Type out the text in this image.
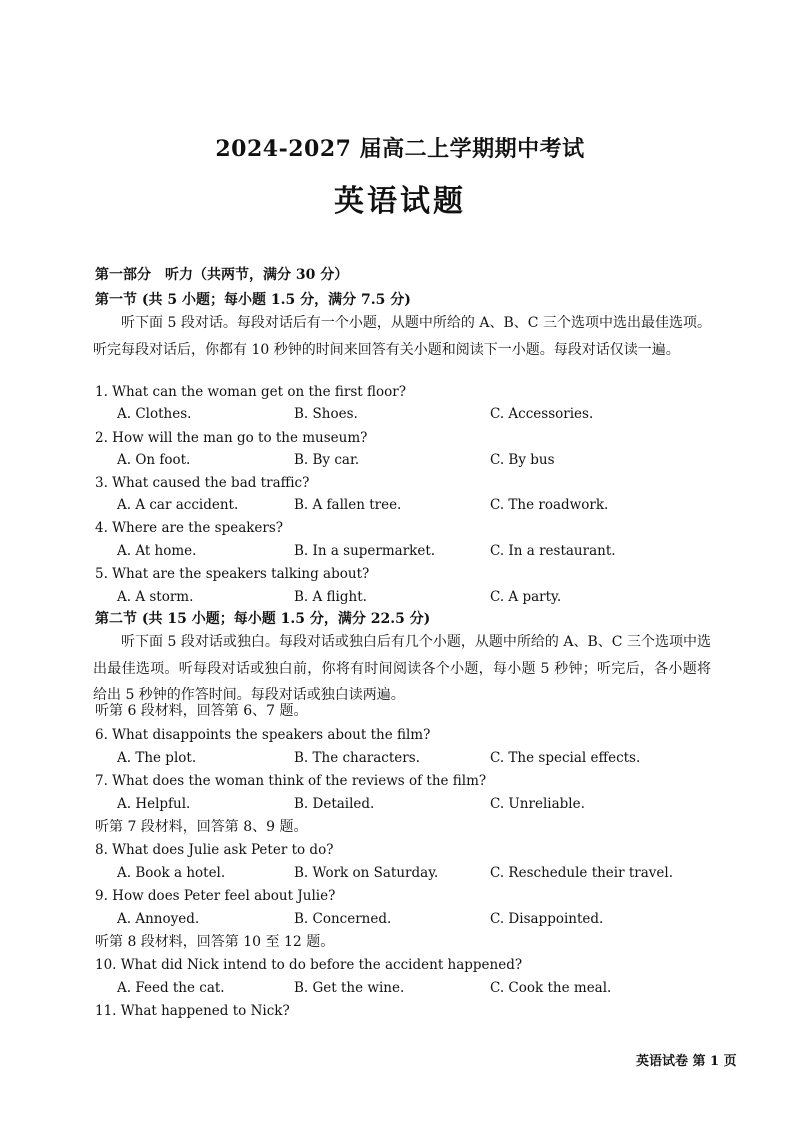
2024-2027 届高二上学期期中考试
英语试题
第一部分　听力（共两节，满分 30 分）
第一节 (共 5 小题；每小题 1.5 分，满分 7.5 分)
听下面 5 段对话。每段对话后有一个小题，从题中所给的 A、B、C 三个选项中选出最佳选项。听完每段对话后，你都有 10 秒钟的时间来回答有关小题和阅读下一小题。每段对话仅读一遍。
1. What can the woman get on the first floor?
A. Clothes.	B. Shoes.	C. Accessories.
2. How will the man go to the museum?
A. On foot.	B. By car.	C. By bus
3. What caused the bad traffic?
A. A car accident.	B. A fallen tree.	C. The roadwork.
4. Where are the speakers?
A. At home.	B. In a supermarket.	C. In a restaurant.
5. What are the speakers talking about?
A. A storm.	B. A flight.	C. A party.
第二节 (共 15 小题；每小题 1.5 分，满分 22.5 分)
听下面 5 段对话或独白。每段对话或独白后有几个小题，从题中所给的 A、B、C 三个选项中选出最佳选项。听每段对话或独白前，你将有时间阅读各个小题，每小题 5 秒钟；听完后，各小题将给出 5 秒钟的作答时间。每段对话或独白读两遍。
听第 6 段材料，回答第 6、7 题。
6. What disappoints the speakers about the film?
A. The plot.	B. The characters.	C. The special effects.
7. What does the woman think of the reviews of the film?
A. Helpful.	B. Detailed.	C. Unreliable.
听第 7 段材料，回答第 8、9 题。
8. What does Julie ask Peter to do?
A. Book a hotel.	B. Work on Saturday.	C. Reschedule their travel.
9. How does Peter feel about Julie?
A. Annoyed.	B. Concerned.	C. Disappointed.
听第 8 段材料，回答第 10 至 12 题。
10. What did Nick intend to do before the accident happened?
A. Feed the cat.	B. Get the wine.	C. Cook the meal.
11. What happened to Nick?
英语试卷 第 1 页
